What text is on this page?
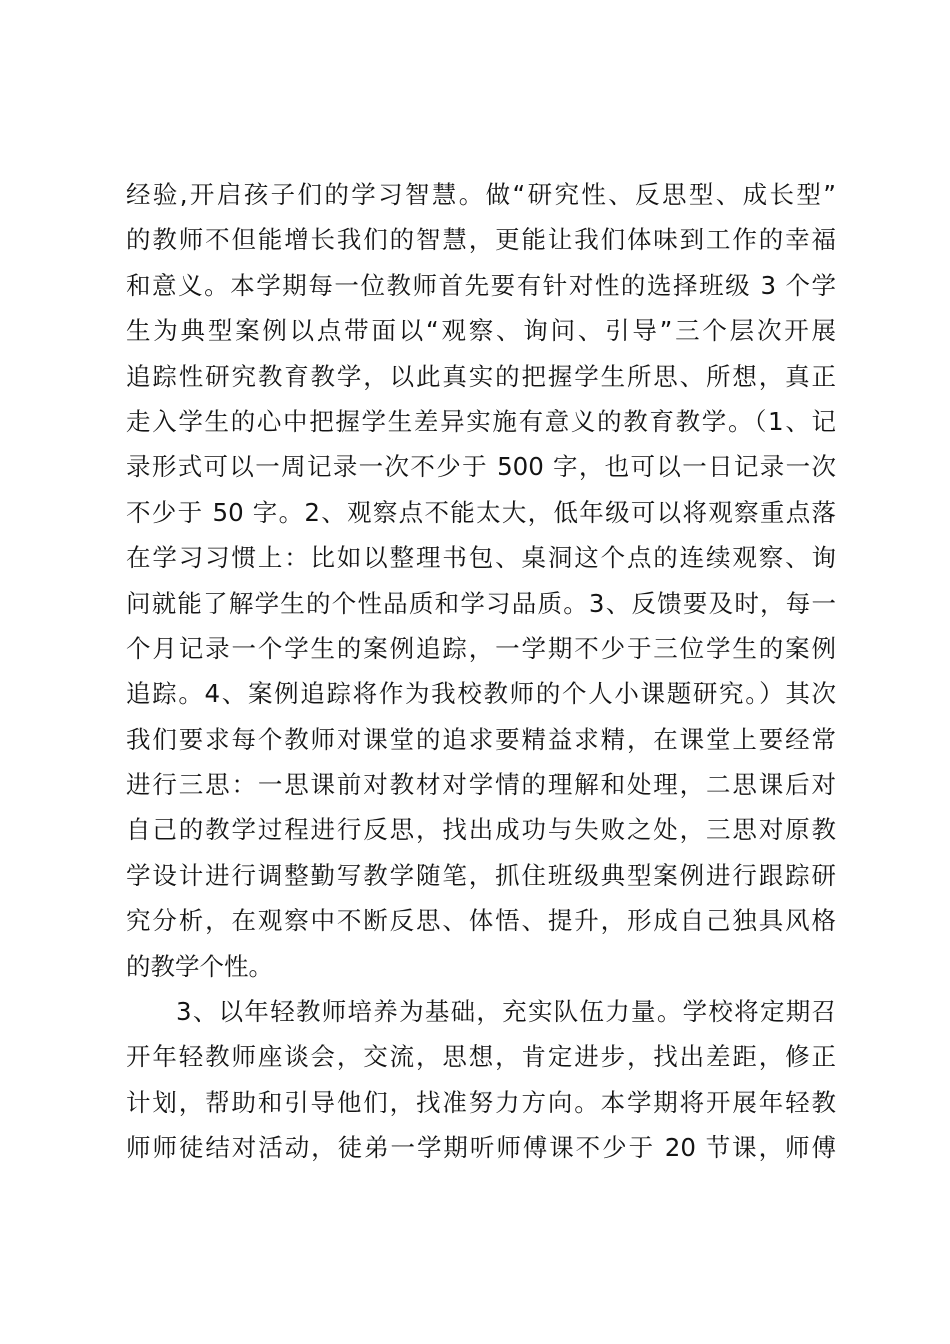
经验,开启孩子们的学习智慧。做“研究性、反思型、成长型”
的教师不但能增长我们的智慧，更能让我们体味到工作的幸福
和意义。本学期每一位教师首先要有针对性的选择班级 3 个学
生为典型案例以点带面以“观察、询问、引导”三个层次开展
追踪性研究教育教学，以此真实的把握学生所思、所想，真正
走入学生的心中把握学生差异实施有意义的教育教学。（1、记
录形式可以一周记录一次不少于 500 字，也可以一日记录一次
不少于 50 字。2、观察点不能太大，低年级可以将观察重点落
在学习习惯上：比如以整理书包、桌洞这个点的连续观察、询
问就能了解学生的个性品质和学习品质。3、反馈要及时，每一
个月记录一个学生的案例追踪，一学期不少于三位学生的案例
追踪。4、案例追踪将作为我校教师的个人小课题研究。）其次
我们要求每个教师对课堂的追求要精益求精，在课堂上要经常
进行三思：一思课前对教材对学情的理解和处理，二思课后对
自己的教学过程进行反思，找出成功与失败之处，三思对原教
学设计进行调整勤写教学随笔，抓住班级典型案例进行跟踪研
究分析，在观察中不断反思、体悟、提升，形成自己独具风格
的教学个性。
3、以年轻教师培养为基础，充实队伍力量。学校将定期召
开年轻教师座谈会，交流，思想，肯定进步，找出差距，修正
计划，帮助和引导他们，找准努力方向。本学期将开展年轻教
师师徒结对活动，徒弟一学期听师傅课不少于 20 节课，师傅
